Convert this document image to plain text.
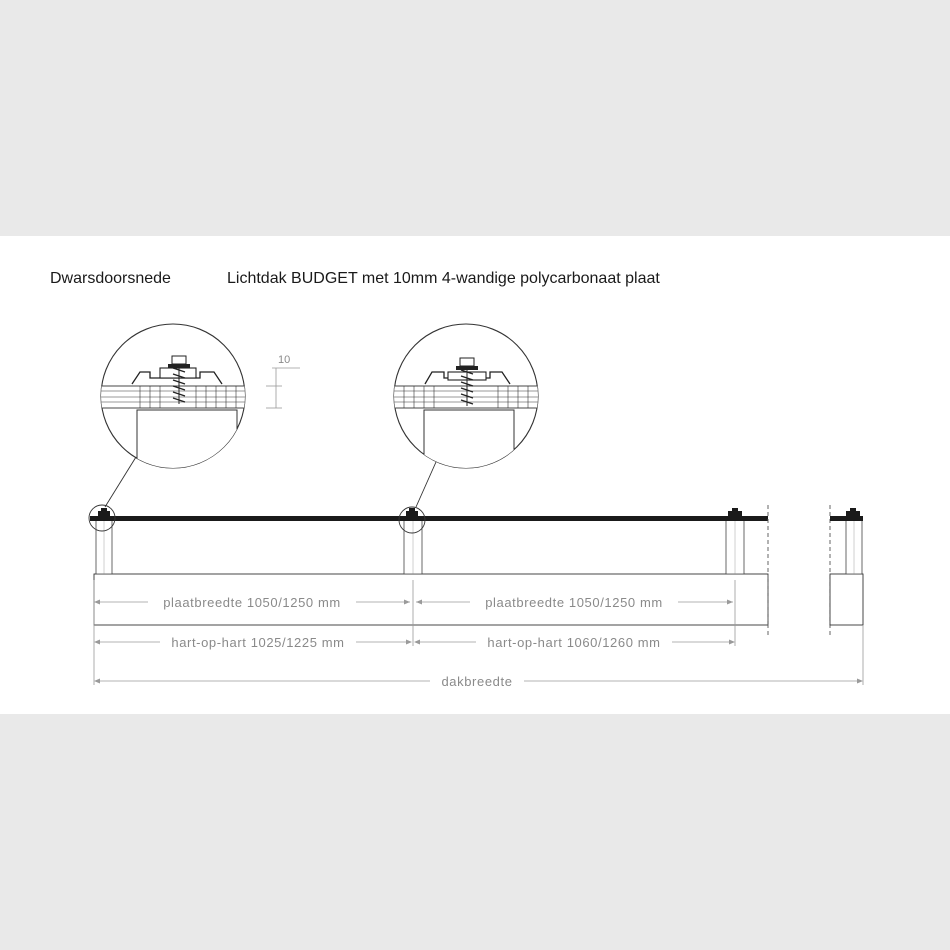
Dwarsdoorsnede	Lichtdak BUDGET met 10mm 4-wandige polycarbonaat plaat
10
plaatbreedte 1050/1250 mm	plaatbreedte 1050/1250 mm
hart-op-hart 1025/1225 mm	hart-op-hart 1060/1260 mm
dakbreedte
